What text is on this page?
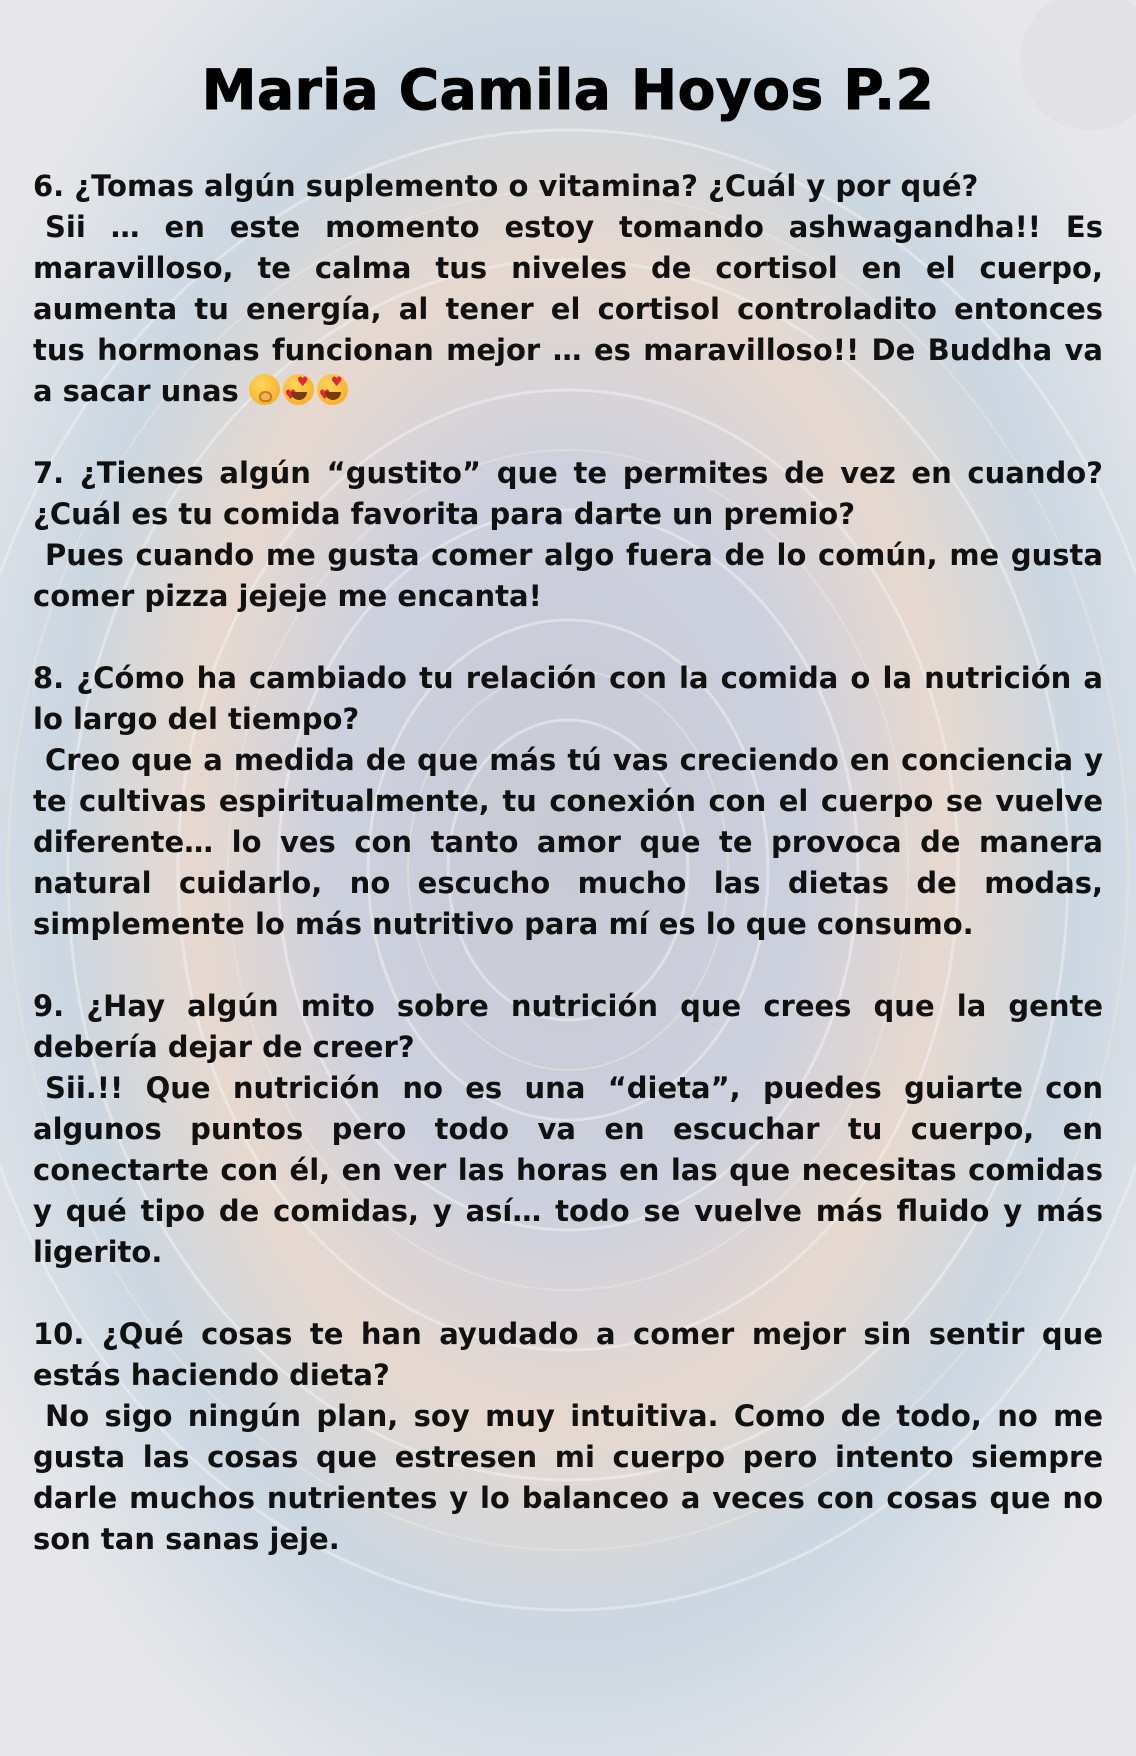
Maria Camila Hoyos P.2

6. ¿Tomas algún suplemento o vitamina? ¿Cuál y por qué?

Sii … en este momento estoy tomando ashwagandha!! Es maravilloso, te calma tus niveles de cortisol en el cuerpo, aumenta tu energía, al tener el cortisol controladito entonces tus hormonas funcionan mejor … es maravilloso!! De Buddha va a sacar unas ♥ ♥♥ ♥

7. ¿Tienes algún “gustito” que te permites de vez en cuando? ¿Cuál es tu comida favorita para darte un premio?

Pues cuando me gusta comer algo fuera de lo común, me gusta comer pizza jejeje me encanta!

8. ¿Cómo ha cambiado tu relación con la comida o la nutrición a lo largo del tiempo?

Creo que a medida de que más tú vas creciendo en conciencia y te cultivas espiritualmente, tu conexión con el cuerpo se vuelve diferente… lo ves con tanto amor que te provoca de manera natural cuidarlo, no escucho mucho las dietas de modas, simplemente lo más nutritivo para mí es lo que consumo.

9. ¿Hay algún mito sobre nutrición que crees que la gente debería dejar de creer?

Sii.!! Que nutrición no es una “dieta”, puedes guiarte con algunos puntos pero todo va en escuchar tu cuerpo, en conectarte con él, en ver las horas en las que necesitas comidas y qué tipo de comidas, y así… todo se vuelve más fluido y más ligerito.

10. ¿Qué cosas te han ayudado a comer mejor sin sentir que estás haciendo dieta?

No sigo ningún plan, soy muy intuitiva. Como de todo, no me gusta las cosas que estresen mi cuerpo pero intento siempre darle muchos nutrientes y lo balanceo a veces con cosas que no son tan sanas jeje.
